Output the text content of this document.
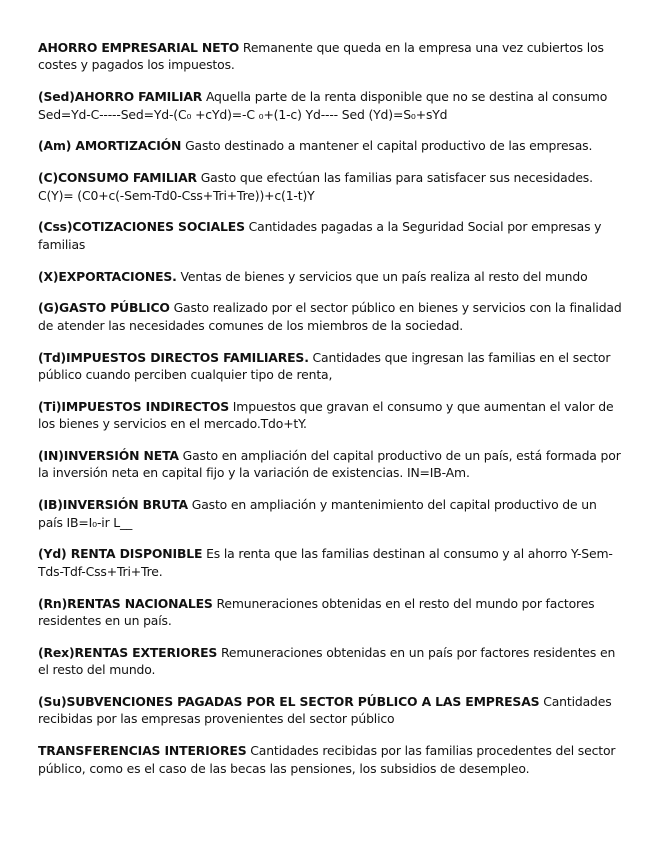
AHORRO EMPRESARIAL NETO Remanente que queda en la empresa una vez cubiertos los costes y pagados los impuestos.

(Sed)AHORRO FAMILIAR Aquella parte de la renta disponible que no se destina al consumo Sed=Yd-C-----Sed=Yd-(C₀ +cYd)=-C ₀+(1-c) Yd---- Sed (Yd)=S₀+sYd

(Am) AMORTIZACIÓN Gasto destinado a mantener el capital productivo de las empresas.

(C)CONSUMO FAMILIAR Gasto que efectúan las familias para satisfacer sus necesidades. C(Y)= (C0+c(-Sem-Td0-Css+Tri+Tre))+c(1-t)Y

(Css)COTIZACIONES SOCIALES Cantidades pagadas a la Seguridad Social por empresas y familias

(X)EXPORTACIONES. Ventas de bienes y servicios que un país realiza al resto del mundo

(G)GASTO PÚBLICO Gasto realizado por el sector público en bienes y servicios con la finalidad de atender las necesidades comunes de los miembros de la sociedad.

(Td)IMPUESTOS DIRECTOS FAMILIARES. Cantidades que ingresan las familias en el sector público cuando perciben cualquier tipo de renta,

(Ti)IMPUESTOS INDIRECTOS Impuestos que gravan el consumo y que aumentan el valor de los bienes y servicios en el mercado.Tdo+tY.

(IN)INVERSIÓN NETA Gasto en ampliación del capital productivo de un país, está formada por la inversión neta en capital fijo y la variación de existencias. IN=IB-Am.

(IB)INVERSIÓN BRUTA Gasto en ampliación y mantenimiento del capital productivo de un país IB=I₀-ir L__

(Yd) RENTA DISPONIBLE Es la renta que las familias destinan al consumo y al ahorro Y-Sem-Tds-Tdf-Css+Tri+Tre.

(Rn)RENTAS NACIONALES Remuneraciones obtenidas en el resto del mundo por factores residentes en un país.

(Rex)RENTAS EXTERIORES Remuneraciones obtenidas en un país por factores residentes en el resto del mundo.

(Su)SUBVENCIONES PAGADAS POR EL SECTOR PÚBLICO A LAS EMPRESAS Cantidades recibidas por las empresas provenientes del sector público

TRANSFERENCIAS INTERIORES Cantidades recibidas por las familias procedentes del sector público, como es el caso de las becas las pensiones, los subsidios de desempleo.
